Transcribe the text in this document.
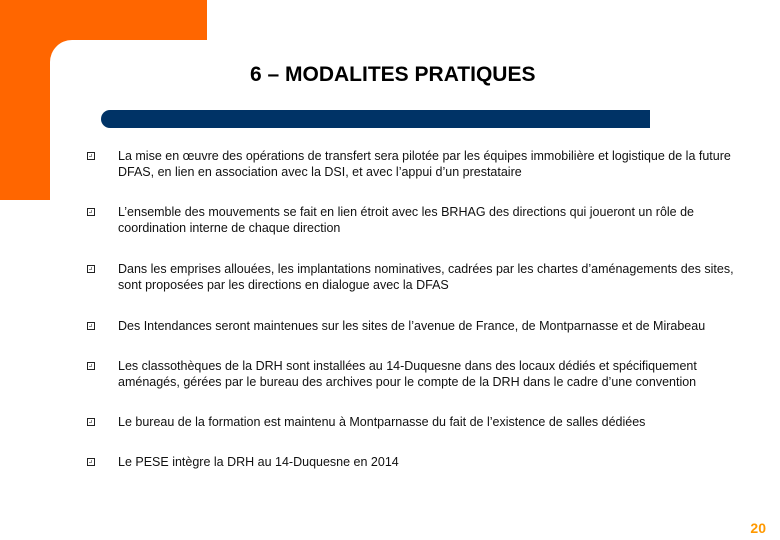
6 – MODALITES PRATIQUES
La mise en œuvre des opérations de transfert sera pilotée par les équipes immobilière et logistique de la future DFAS, en lien en association avec la DSI, et avec l’appui d’un prestataire
L’ensemble des mouvements se fait en lien étroit avec les BRHAG des directions qui joueront un rôle de coordination interne de chaque direction
Dans les emprises allouées, les implantations nominatives, cadrées par les chartes d’aménagements des sites, sont proposées par les directions en dialogue avec la DFAS
Des Intendances seront maintenues sur les sites de l’avenue de France, de Montparnasse et de Mirabeau
Les classothèques de la DRH sont installées au 14-Duquesne dans des locaux dédiés et spécifiquement aménagés, gérées par le bureau des archives pour le compte de la DRH dans le cadre d’une convention
Le bureau de la formation est maintenu à Montparnasse du fait de l’existence de salles dédiées
Le PESE intègre la DRH au 14-Duquesne en 2014
20
